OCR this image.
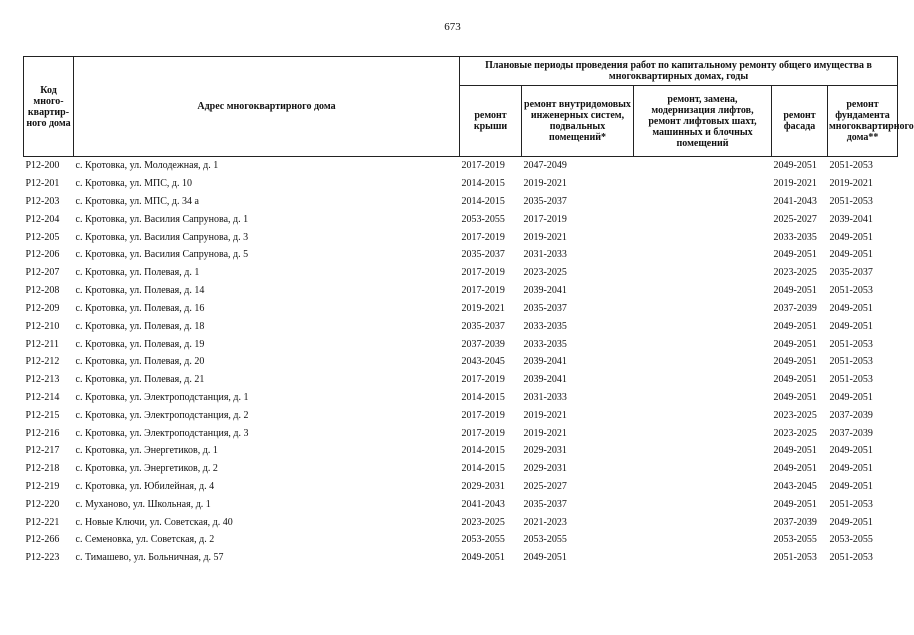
673
Код много-квартир-ного дома	Адрес многоквартирного дома	Плановые периоды проведения работ по капитальному ремонту общего имущества в многоквартирных домах, годы				
		ремонт крыши	ремонт внутридомовых инженерных систем, подвальных помещений*	ремонт, замена, модернизация лифтов, ремонт лифтовых шахт, машинных и блочных помещений	ремонт фасада	ремонт фундамента многоквартирного дома**
P12-200	с. Кротовка, ул. Молодежная, д. 1	2017-2019	2047-2049		2049-2051	2051-2053
P12-201	с. Кротовка, ул. МПС, д. 10	2014-2015	2019-2021		2019-2021	2019-2021
P12-203	с. Кротовка, ул. МПС, д. 34 а	2014-2015	2035-2037		2041-2043	2051-2053
P12-204	с. Кротовка, ул. Василия Сапрунова, д. 1	2053-2055	2017-2019		2025-2027	2039-2041
P12-205	с. Кротовка, ул. Василия Сапрунова, д. 3	2017-2019	2019-2021		2033-2035	2049-2051
P12-206	с. Кротовка, ул. Василия Сапрунова, д. 5	2035-2037	2031-2033		2049-2051	2049-2051
P12-207	с. Кротовка, ул. Полевая, д. 1	2017-2019	2023-2025		2023-2025	2035-2037
P12-208	с. Кротовка, ул. Полевая, д. 14	2017-2019	2039-2041		2049-2051	2051-2053
P12-209	с. Кротовка, ул. Полевая, д. 16	2019-2021	2035-2037		2037-2039	2049-2051
P12-210	с. Кротовка, ул. Полевая, д. 18	2035-2037	2033-2035		2049-2051	2049-2051
P12-211	с. Кротовка, ул. Полевая, д. 19	2037-2039	2033-2035		2049-2051	2051-2053
P12-212	с. Кротовка, ул. Полевая, д. 20	2043-2045	2039-2041		2049-2051	2051-2053
P12-213	с. Кротовка, ул. Полевая, д. 21	2017-2019	2039-2041		2049-2051	2051-2053
P12-214	с. Кротовка, ул. Электроподстанция, д. 1	2014-2015	2031-2033		2049-2051	2049-2051
P12-215	с. Кротовка, ул. Электроподстанция, д. 2	2017-2019	2019-2021		2023-2025	2037-2039
P12-216	с. Кротовка, ул. Электроподстанция, д. 3	2017-2019	2019-2021		2023-2025	2037-2039
P12-217	с. Кротовка, ул. Энергетиков, д. 1	2014-2015	2029-2031		2049-2051	2049-2051
P12-218	с. Кротовка, ул. Энергетиков, д. 2	2014-2015	2029-2031		2049-2051	2049-2051
P12-219	с. Кротовка, ул. Юбилейная, д. 4	2029-2031	2025-2027		2043-2045	2049-2051
P12-220	с. Муханово, ул. Школьная, д. 1	2041-2043	2035-2037		2049-2051	2051-2053
P12-221	с. Новые Ключи, ул. Советская, д. 40	2023-2025	2021-2023		2037-2039	2049-2051
P12-266	с. Семеновка, ул. Советская, д. 2	2053-2055	2053-2055		2053-2055	2053-2055
P12-223	с. Тимашево, ул. Больничная, д. 57	2049-2051	2049-2051		2051-2053	2051-2053
